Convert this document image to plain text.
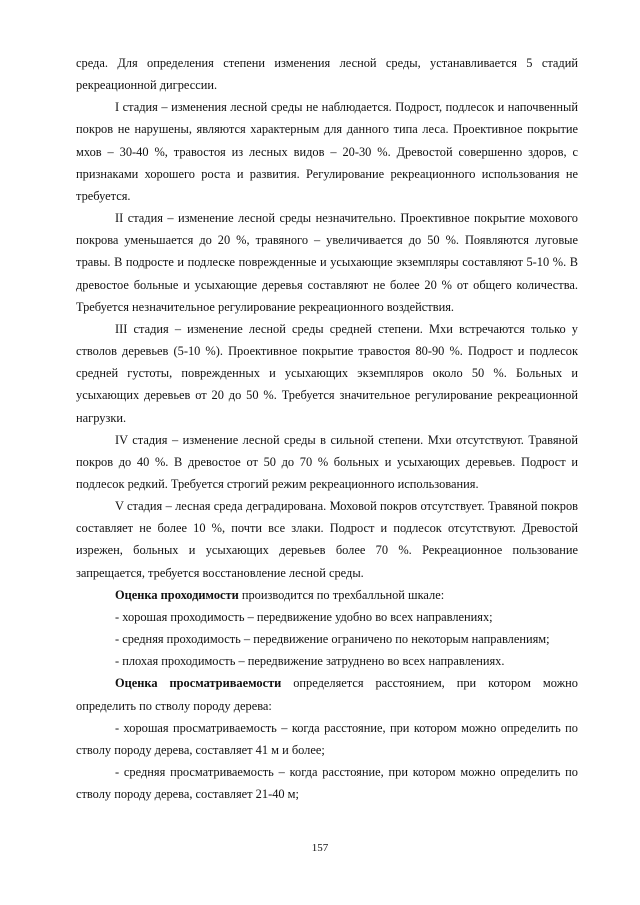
среда. Для определения степени изменения лесной среды, устанавливается 5 стадий рекреационной дигрессии.

I стадия – изменения лесной среды не наблюдается. Подрост, подлесок и напочвенный покров не нарушены, являются характерным для данного типа леса. Проективное покрытие мхов – 30-40 %, травостоя из лесных видов – 20-30 %. Древостой совершенно здоров, с признаками хорошего роста и развития. Регулирование рекреационного использования не требуется.

II стадия – изменение лесной среды незначительно. Проективное покрытие мохового покрова уменьшается до 20 %, травяного – увеличивается до 50 %. Появляются луговые травы. В подросте и подлеске поврежденные и усыхающие экземпляры составляют 5-10 %. В древостое больные и усыхающие деревья составляют не более 20 % от общего количества. Требуется незначительное регулирование рекреационного воздействия.

III стадия – изменение лесной среды средней степени. Мхи встречаются только у стволов деревьев (5-10 %). Проективное покрытие травостоя 80-90 %. Подрост и подлесок средней густоты, поврежденных и усыхающих экземпляров около 50 %. Больных и усыхающих деревьев от 20 до 50 %. Требуется значительное регулирование рекреационной нагрузки.

IV стадия – изменение лесной среды в сильной степени. Мхи отсутствуют. Травяной покров до 40 %. В древостое от 50 до 70 % больных и усыхающих деревьев. Подрост и подлесок редкий. Требуется строгий режим рекреационного использования.

V стадия – лесная среда деградирована. Моховой покров отсутствует. Травяной покров составляет не более 10 %, почти все злаки. Подрост и подлесок отсутствуют. Древостой изрежен, больных и усыхающих деревьев более 70 %. Рекреационное пользование запрещается, требуется восстановление лесной среды.

Оценка проходимости производится по трехбалльной шкале:

- хорошая проходимость – передвижение удобно во всех направлениях;

- средняя проходимость – передвижение ограничено по некоторым направлениям;

- плохая проходимость – передвижение затруднено во всех направлениях.

Оценка просматриваемости определяется расстоянием, при котором можно определить по стволу породу дерева:

- хорошая просматриваемость – когда расстояние, при котором можно определить по стволу породу дерева, составляет 41 м и более;

- средняя просматриваемость – когда расстояние, при котором можно определить по стволу породу дерева, составляет 21-40 м;

157
